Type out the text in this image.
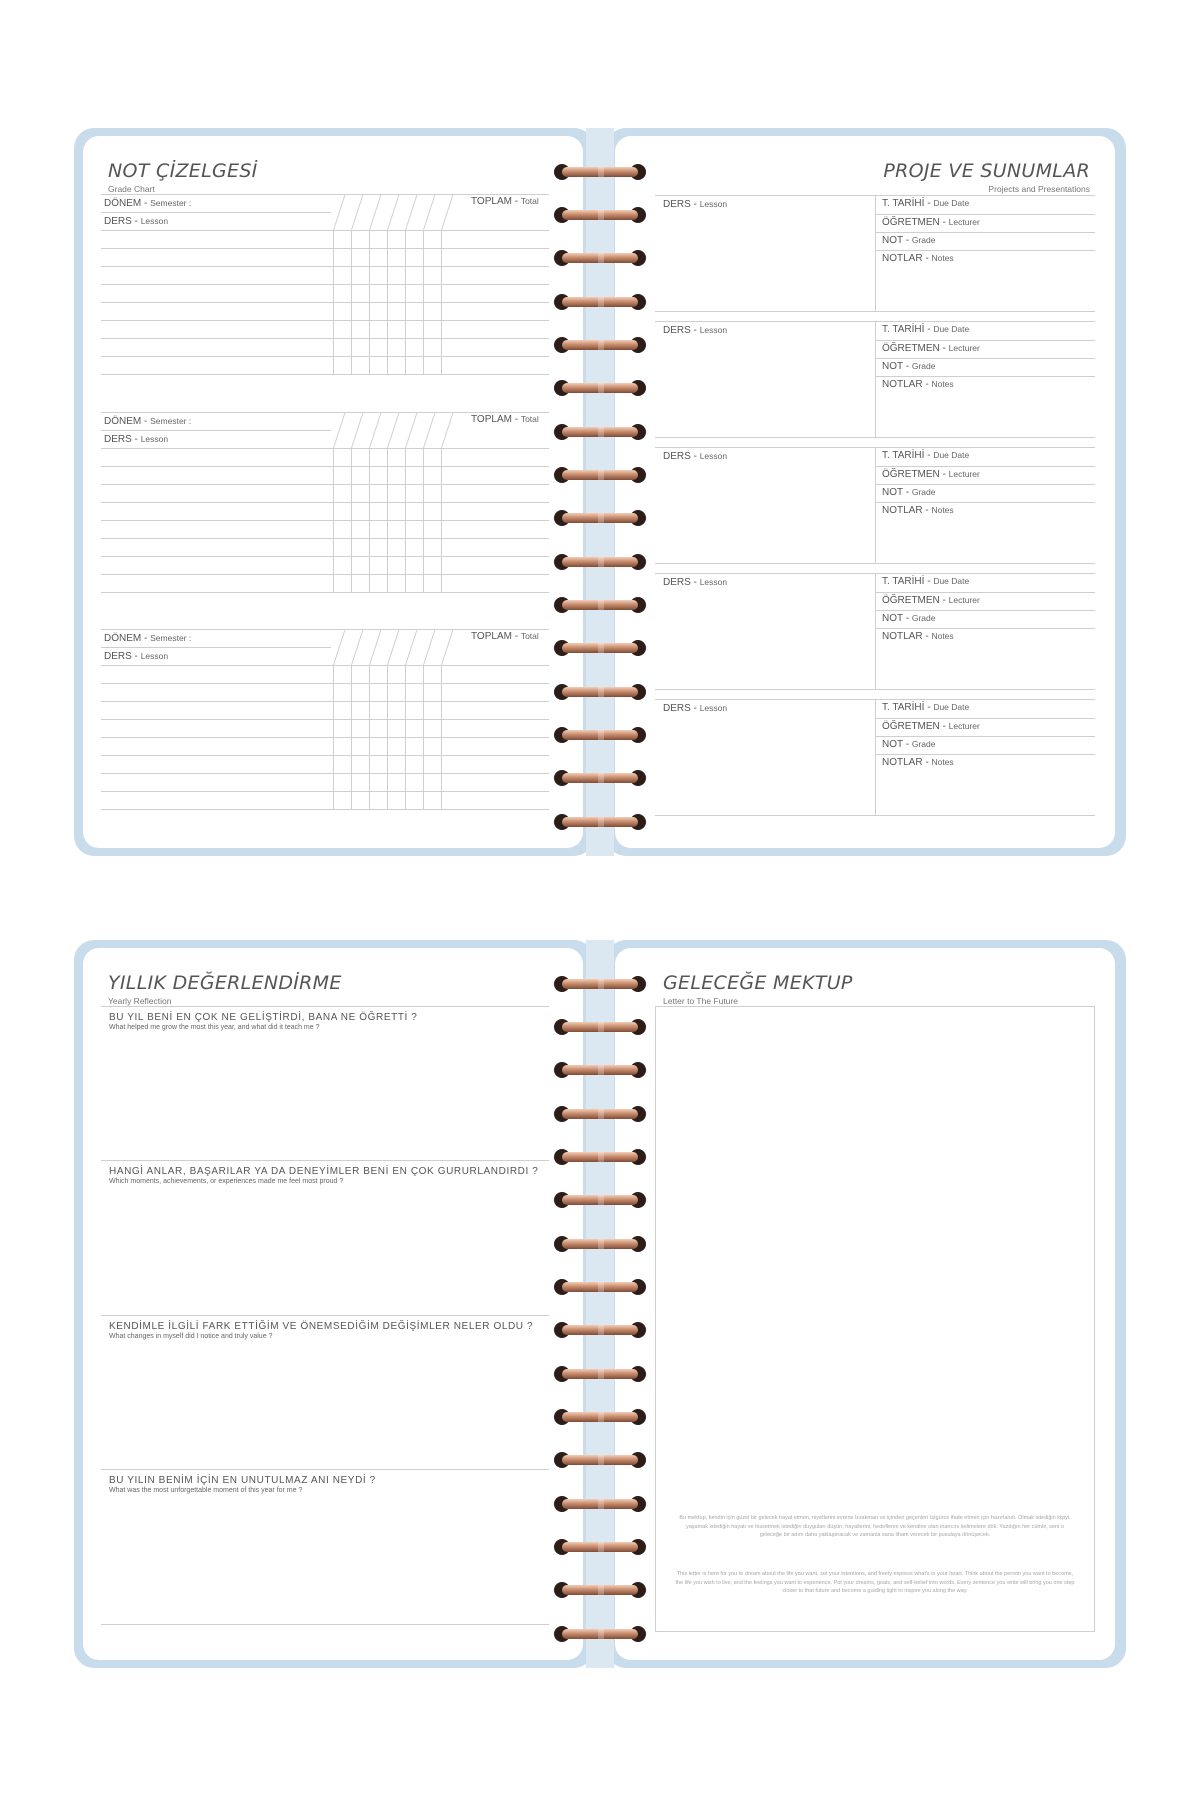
NOT ÇİZELGESİ
Grade Chart
DÖNEM - Semester :	TOPLAM - Total
DERS - Lesson
DÖNEM - Semester :	TOPLAM - Total
DERS - Lesson
DÖNEM - Semester :	TOPLAM - Total
DERS - Lesson
PROJE VE SUNUMLAR
Projects and Presentations
DERS - Lesson	T. TARİHİ - Due Date
ÖĞRETMEN - Lecturer
NOT - Grade
NOTLAR - Notes
DERS - Lesson	T. TARİHİ - Due Date
ÖĞRETMEN - Lecturer
NOT - Grade
NOTLAR - Notes
DERS - Lesson	T. TARİHİ - Due Date
ÖĞRETMEN - Lecturer
NOT - Grade
NOTLAR - Notes
DERS - Lesson	T. TARİHİ - Due Date
ÖĞRETMEN - Lecturer
NOT - Grade
NOTLAR - Notes
DERS - Lesson	T. TARİHİ - Due Date
ÖĞRETMEN - Lecturer
NOT - Grade
NOTLAR - Notes
YILLIK DEĞERLENDİRME
Yearly Reflection
BU YIL BENİ EN ÇOK NE GELİŞTİRDİ, BANA NE ÖĞRETTİ ?
What helped me grow the most this year, and what did it teach me ?
HANGİ ANLAR, BAŞARILAR YA DA DENEYİMLER BENİ EN ÇOK GURURLANDIRDI ?
Which moments, achievements, or experiences made me feel most proud ?
KENDİMLE İLGİLİ FARK ETTİĞİM VE ÖNEMSEDİĞİM DEĞİŞİMLER NELER OLDU ?
What changes in myself did I notice and truly value ?
BU YILIN BENİM İÇİN EN UNUTULMAZ ANI NEYDİ ?
What was the most unforgettable moment of this year for me ?
GELECEĞE MEKTUP
Letter to The Future
Bu mektup, kendin için güzel bir gelecek hayal etmen, niyetlerini evrene bırakman ve içinden geçenleri özgürce ifade etmen için hazırlandı. Olmak istediğin kişiyi, yaşamak istediğin hayatı ve hissetmek istediğin duyguları düşün; hayallerini, hedeflerini ve kendine olan inancını kelimelere dök. Yazdığın her cümle, seni o geleceğe bir adım daha yaklaştıracak ve zamanla sana ilham verecek bir pusulaya dönüşecek.
This letter is here for you to dream about the life you want, set your intentions, and freely express what's in your heart. Think about the person you want to become, the life you wish to live, and the feelings you want to experience. Put your dreams, goals, and self-belief into words. Every sentence you write will bring you one step closer to that future and become a guiding light to inspire you along the way.
